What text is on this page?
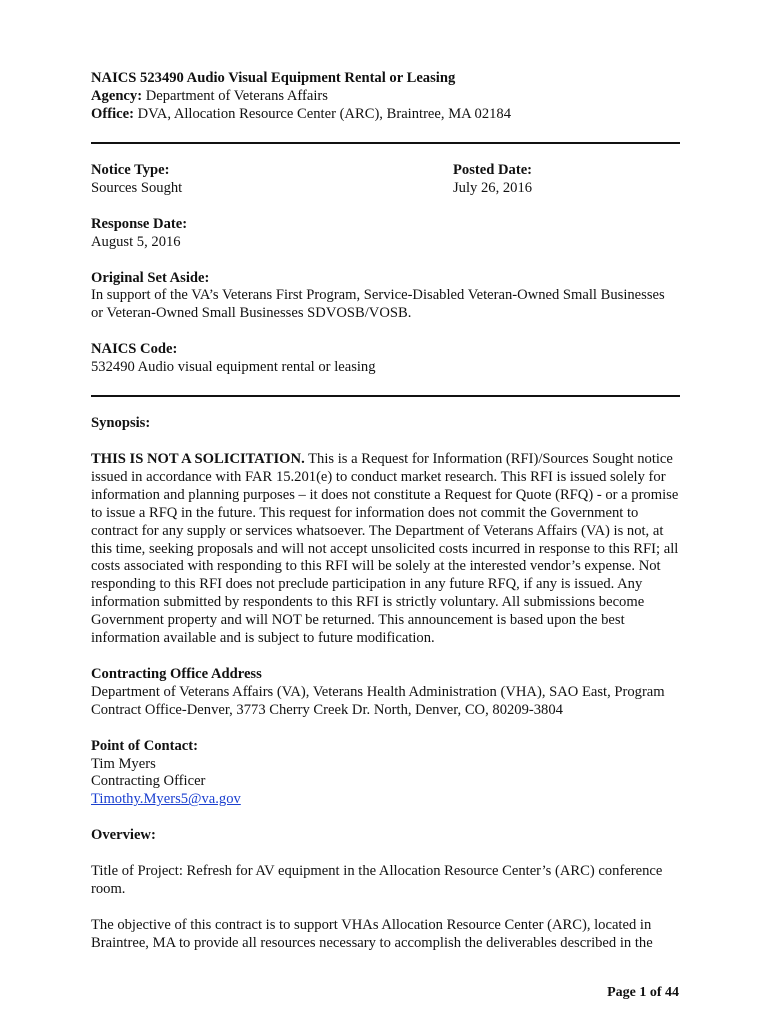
NAICS 523490 Audio Visual Equipment Rental or Leasing

Agency: Department of Veterans Affairs

Office: DVA, Allocation Resource Center (ARC), Braintree, MA 02184

Notice Type:

Sources Sought

Posted Date:

July 26, 2016

Response Date:

August 5, 2016

Original Set Aside:

In support of the VA’s Veterans First Program, Service-Disabled Veteran-Owned Small Businesses or Veteran-Owned Small Businesses SDVOSB/VOSB.

NAICS Code:

532490 Audio visual equipment rental or leasing

Synopsis:

THIS IS NOT A SOLICITATION. This is a Request for Information (RFI)/Sources Sought notice issued in accordance with FAR 15.201(e) to conduct market research. This RFI is issued solely for information and planning purposes – it does not constitute a Request for Quote (RFQ) - or a promise to issue a RFQ in the future. This request for information does not commit the Government to contract for any supply or services whatsoever. The Department of Veterans Affairs (VA) is not, at this time, seeking proposals and will not accept unsolicited costs incurred in response to this RFI; all costs associated with responding to this RFI will be solely at the interested vendor’s expense. Not responding to this RFI does not preclude participation in any future RFQ, if any is issued. Any information submitted by respondents to this RFI is strictly voluntary. All submissions become Government property and will NOT be returned. This announcement is based upon the best information available and is subject to future modification.

Contracting Office Address

Department of Veterans Affairs (VA), Veterans Health Administration (VHA), SAO East, Program Contract Office-Denver, 3773 Cherry Creek Dr. North, Denver, CO, 80209-3804

Point of Contact:

Tim Myers

Contracting Officer

Timothy.Myers5@va.gov

Overview:

Title of Project: Refresh for AV equipment in the Allocation Resource Center’s (ARC) conference room.

The objective of this contract is to support VHAs Allocation Resource Center (ARC), located in Braintree, MA to provide all resources necessary to accomplish the deliverables described in the

Page 1 of 44
